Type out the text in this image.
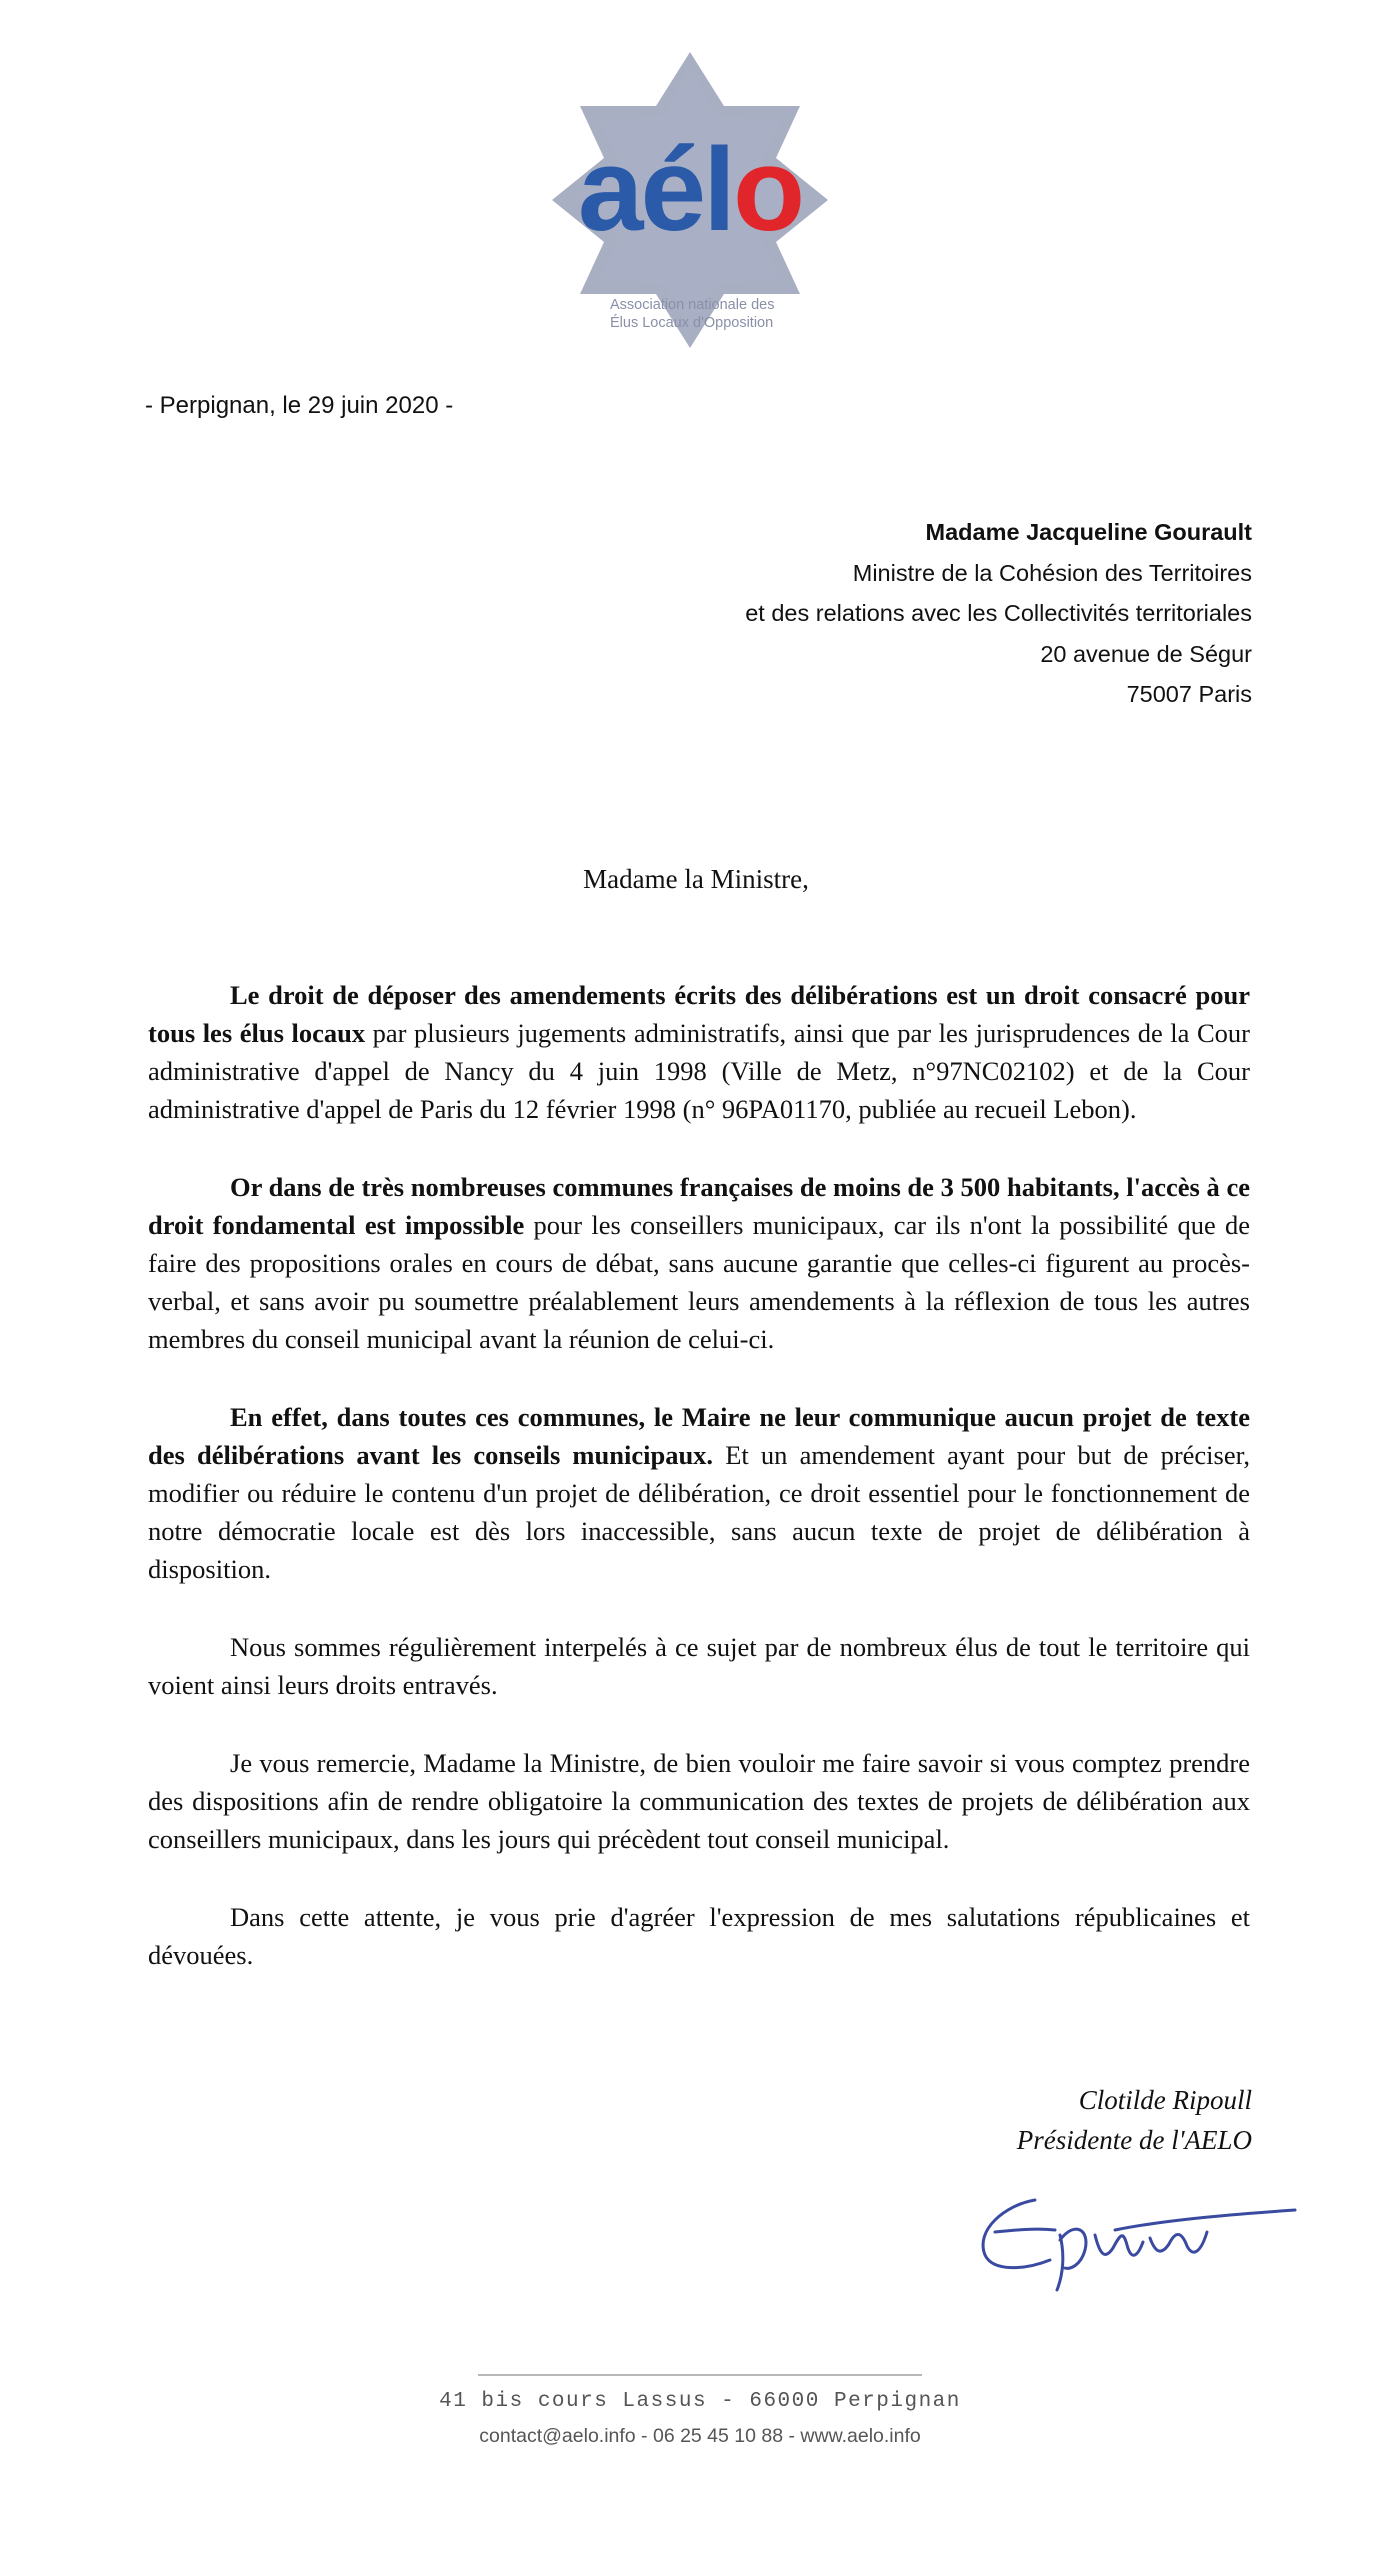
aélo
Association nationale des
Élus Locaux d'Opposition
- Perpignan, le 29 juin 2020 -
Madame Jacqueline Gourault
Ministre de la Cohésion des Territoires
et des relations avec les Collectivités territoriales
20 avenue de Ségur
75007 Paris
Madame la Ministre,

Le droit de déposer des amendements écrits des délibérations est un droit consacré pour tous les élus locaux par plusieurs jugements administratifs, ainsi que par les jurisprudences de la Cour administrative d'appel de Nancy du 4 juin 1998 (Ville de Metz, n°97NC02102) et de la Cour administrative d'appel de Paris du 12 février 1998 (n° 96PA01170, publiée au recueil Lebon).

Or dans de très nombreuses communes françaises de moins de 3 500 habitants, l'accès à ce droit fondamental est impossible pour les conseillers municipaux, car ils n'ont la possibilité que de faire des propositions orales en cours de débat, sans aucune garantie que celles-ci figurent au procès-verbal, et sans avoir pu soumettre préalablement leurs amendements à la réflexion de tous les autres membres du conseil municipal avant la réunion de celui-ci.

En effet, dans toutes ces communes, le Maire ne leur communique aucun projet de texte des délibérations avant les conseils municipaux. Et un amendement ayant pour but de préciser, modifier ou réduire le contenu d'un projet de délibération, ce droit essentiel pour le fonctionnement de notre démocratie locale est dès lors inaccessible, sans aucun texte de projet de délibération à disposition.

Nous sommes régulièrement interpelés à ce sujet par de nombreux élus de tout le territoire qui voient ainsi leurs droits entravés.

Je vous remercie, Madame la Ministre, de bien vouloir me faire savoir si vous comptez prendre des dispositions afin de rendre obligatoire la communication des textes de projets de délibération aux conseillers municipaux, dans les jours qui précèdent tout conseil municipal.

Dans cette attente, je vous prie d'agréer l'expression de mes salutations républicaines et dévouées.

Clotilde Ripoull
Présidente de l'AELO
41 bis cours Lassus - 66000 Perpignan
contact@aelo.info - 06 25 45 10 88 - www.aelo.info
